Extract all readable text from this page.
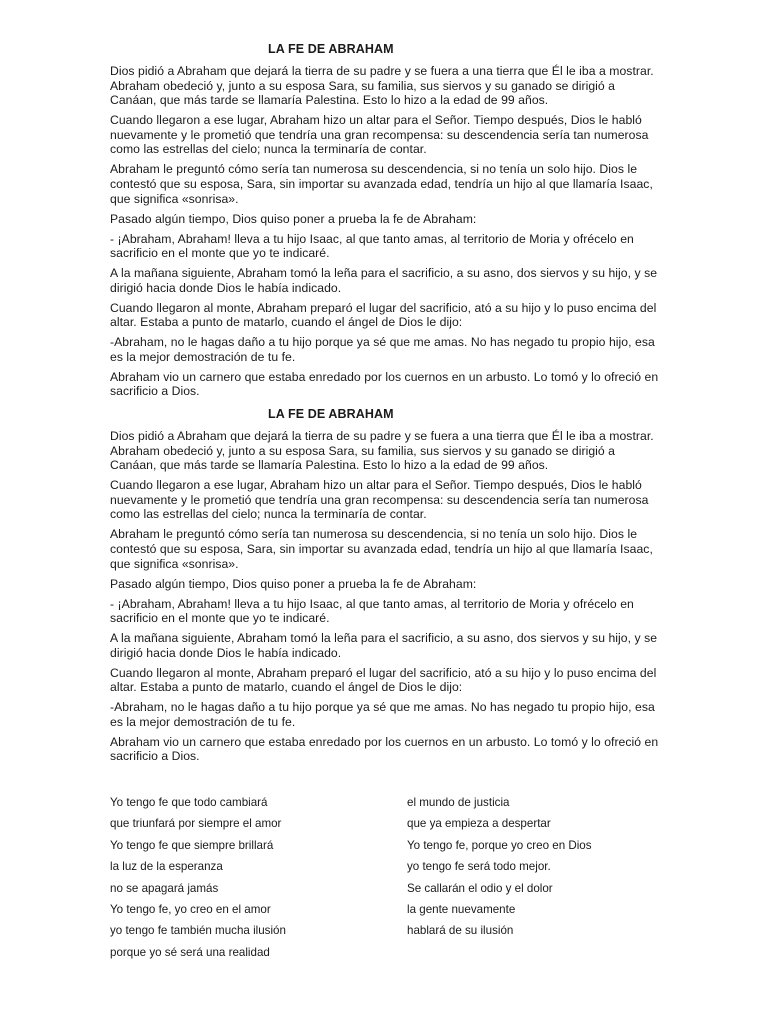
LA FE DE ABRAHAM

Dios pidió a Abraham que dejará la tierra de su padre y se fuera a una tierra que Él le iba a mostrar. Abraham obedeció y, junto a su esposa Sara, su familia, sus siervos y su ganado se dirigió a Canáan, que más tarde se llamaría Palestina. Esto lo hizo a la edad de 99 años.

Cuando llegaron a ese lugar, Abraham hizo un altar para el Señor. Tiempo después, Dios le habló nuevamente y le prometió que tendría una gran recompensa: su descendencia sería tan numerosa como las estrellas del cielo; nunca la terminaría de contar.

Abraham le preguntó cómo sería tan numerosa su descendencia, si no tenía un solo hijo. Dios le contestó que su esposa, Sara, sin importar su avanzada edad, tendría un hijo al que llamaría Isaac, que significa «sonrisa».

Pasado algún tiempo, Dios quiso poner a prueba la fe de Abraham:

- ¡Abraham, Abraham! lleva a tu hijo Isaac, al que tanto amas, al territorio de Moria y ofrécelo en sacrificio en el monte que yo te indicaré.

A la mañana siguiente, Abraham tomó la leña para el sacrificio, a su asno, dos siervos y su hijo, y se dirigió hacia donde Dios le había indicado.

Cuando llegaron al monte, Abraham preparó el lugar del sacrificio, ató a su hijo y lo puso encima del altar. Estaba a punto de matarlo, cuando el ángel de Dios le dijo:

-Abraham, no le hagas daño a tu hijo porque ya sé que me amas. No has negado tu propio hijo, esa es la mejor demostración de tu fe.

Abraham vio un carnero que estaba enredado por los cuernos en un arbusto. Lo tomó y lo ofreció en sacrificio a Dios.

LA FE DE ABRAHAM

Dios pidió a Abraham que dejará la tierra de su padre y se fuera a una tierra que Él le iba a mostrar. Abraham obedeció y, junto a su esposa Sara, su familia, sus siervos y su ganado se dirigió a Canáan, que más tarde se llamaría Palestina. Esto lo hizo a la edad de 99 años.

Cuando llegaron a ese lugar, Abraham hizo un altar para el Señor. Tiempo después, Dios le habló nuevamente y le prometió que tendría una gran recompensa: su descendencia sería tan numerosa como las estrellas del cielo; nunca la terminaría de contar.

Abraham le preguntó cómo sería tan numerosa su descendencia, si no tenía un solo hijo. Dios le contestó que su esposa, Sara, sin importar su avanzada edad, tendría un hijo al que llamaría Isaac, que significa «sonrisa».

Pasado algún tiempo, Dios quiso poner a prueba la fe de Abraham:

- ¡Abraham, Abraham! lleva a tu hijo Isaac, al que tanto amas, al territorio de Moria y ofrécelo en sacrificio en el monte que yo te indicaré.

A la mañana siguiente, Abraham tomó la leña para el sacrificio, a su asno, dos siervos y su hijo, y se dirigió hacia donde Dios le había indicado.

Cuando llegaron al monte, Abraham preparó el lugar del sacrificio, ató a su hijo y lo puso encima del altar. Estaba a punto de matarlo, cuando el ángel de Dios le dijo:

-Abraham, no le hagas daño a tu hijo porque ya sé que me amas. No has negado tu propio hijo, esa es la mejor demostración de tu fe.

Abraham vio un carnero que estaba enredado por los cuernos en un arbusto. Lo tomó y lo ofreció en sacrificio a Dios.

Yo tengo fe que todo cambiará

que triunfará por siempre el amor

Yo tengo fe que siempre brillará

la luz de la esperanza

no se apagará jamás

Yo tengo fe, yo creo en el amor

yo tengo fe también mucha ilusión

porque yo sé será una realidad

el mundo de justicia

que ya empieza a despertar

Yo tengo fe, porque yo creo en Dios

yo tengo fe será todo mejor.

Se callarán el odio y el dolor

la gente nuevamente

hablará de su ilusión
